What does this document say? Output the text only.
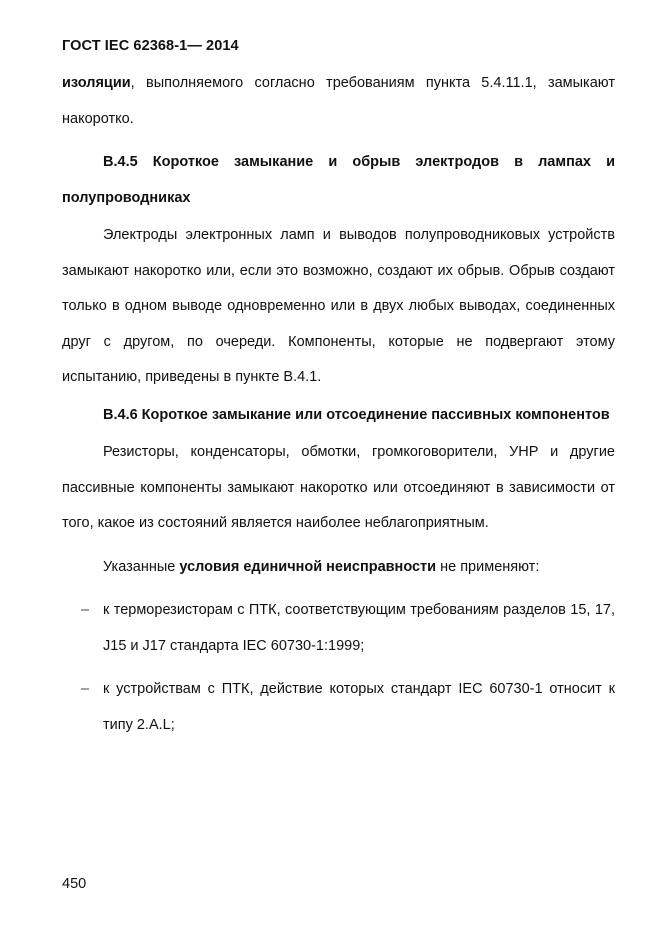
ГОСТ IEC 62368-1— 2014

изоляции, выполняемого согласно требованиям пункта 5.4.11.1, замыкают накоротко.

В.4.5 Короткое замыкание и обрыв электродов в лампах и полупроводниках

Электроды электронных ламп и выводов полупроводниковых устройств замыкают накоротко или, если это возможно, создают их обрыв. Обрыв создают только в одном выводе одновременно или в двух любых выводах, соединенных друг с другом, по очереди. Компоненты, которые не подвергают этому испытанию, приведены в пункте В.4.1.

В.4.6 Короткое замыкание или отсоединение пассивных компонентов

Резисторы, конденсаторы, обмотки, громкоговорители, УНР и другие пассивные компоненты замыкают накоротко или отсоединяют в зависимости от того, какое из состояний является наиболее неблагоприятным.

Указанные условия единичной неисправности не применяют:

– к терморезисторам с ПТК, соответствующим требованиям разделов 15, 17, J15 и J17 стандарта IEC 60730-1:1999;
– к устройствам с ПТК, действие которых стандарт IEC 60730-1 относит к типу 2.A.L;
450
